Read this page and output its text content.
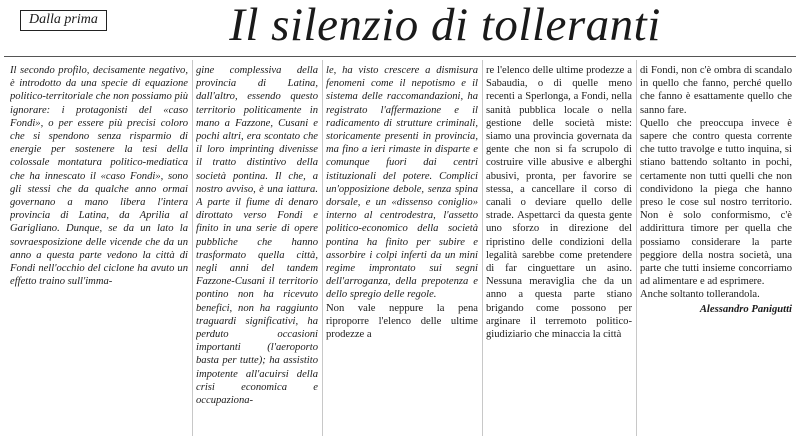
Dalla prima	Il silenzio di tolleranti

Il secondo profilo, decisamente negativo, è introdotto da una specie di equazione politico-territoriale che non possiamo più ignorare: i protagonisti del «caso Fondi», o per essere più precisi coloro che si spendono senza risparmio di energie per sostenere la tesi della colossale montatura politico-mediatica che ha innescato il «caso Fondi», sono gli stessi che da qualche anno ormai governano a mano libera l'intera provincia di Latina, da Aprilia al Garigliano. Dunque, se da un lato la sovraesposizione delle vicende che da un anno a questa parte vedono la città di Fondi nell'occhio del ciclone ha avuto un effetto traino sull'imma-

gine complessiva della provincia di Latina, dall'altro, essendo questo territorio politicamente in mano a Fazzone, Cusani e pochi altri, era scontato che il loro imprinting divenisse il tratto distintivo della società pontina. Il che, a nostro avviso, è una iattura. A parte il fiume di denaro dirottato verso Fondi e finito in una serie di opere pubbliche che hanno trasformato quella città, negli anni del tandem Fazzone-Cusani il territorio pontino non ha ricevuto benefici, non ha raggiunto traguardi significativi, ha perduto occasioni importanti (l'aeroporto basta per tutte); ha assistito impotente all'acuirsi della crisi economica e occupaziona-

le, ha visto crescere a dismisura fenomeni come il nepotismo e il sistema delle raccomandazioni, ha registrato l'affermazione e il radicamento di strutture criminali, storicamente presenti in provincia, ma fino a ieri rimaste in disparte e comunque fuori dai centri istituzionali del potere. Complici un'opposizione debole, senza spina dorsale, e un «dissenso coniglio» interno al centrodestra, l'assetto politico-economico della società pontina ha finito per subire e assorbire i colpi inferti da un mini regime improntato sui segni dell'arroganza, della prepotenza e dello spregio delle regole.

Non vale neppure la pena riproporre l'elenco delle ultime prodezze a

re l'elenco delle ultime prodezze a Sabaudia, o di quelle meno recenti a Sperlonga, a Fondi, nella sanità pubblica locale o nella gestione delle società miste: siamo una provincia governata da gente che non si fa scrupolo di costruire ville abusive e alberghi abusivi, pronta, per favorire se stessa, a cancellare il corso di canali o deviare quello delle strade. Aspettarci da questa gente uno sforzo in direzione del ripristino delle condizioni della legalità sarebbe come pretendere di far cinguettare un asino. Nessuna meraviglia che da un anno a questa parte stiano brigando come possono per arginare il terremoto politico-giudiziario che minaccia la città

di Fondi, non c'è ombra di scandalo in quello che fanno, perché quello che fanno è esattamente quello che sanno fare.

Quello che preoccupa invece è sapere che contro questa corrente che tutto travolge e tutto inquina, si stiano battendo soltanto in pochi, certamente non tutti quelli che non condividono la piega che hanno preso le cose sul nostro territorio. Non è solo conformismo, c'è addirittura timore per quella che possiamo considerare la parte peggiore della nostra società, una parte che tutti insieme concorriamo ad alimentare e ad esprimere.

Anche soltanto tollerandola.

Alessandro Panigutti
